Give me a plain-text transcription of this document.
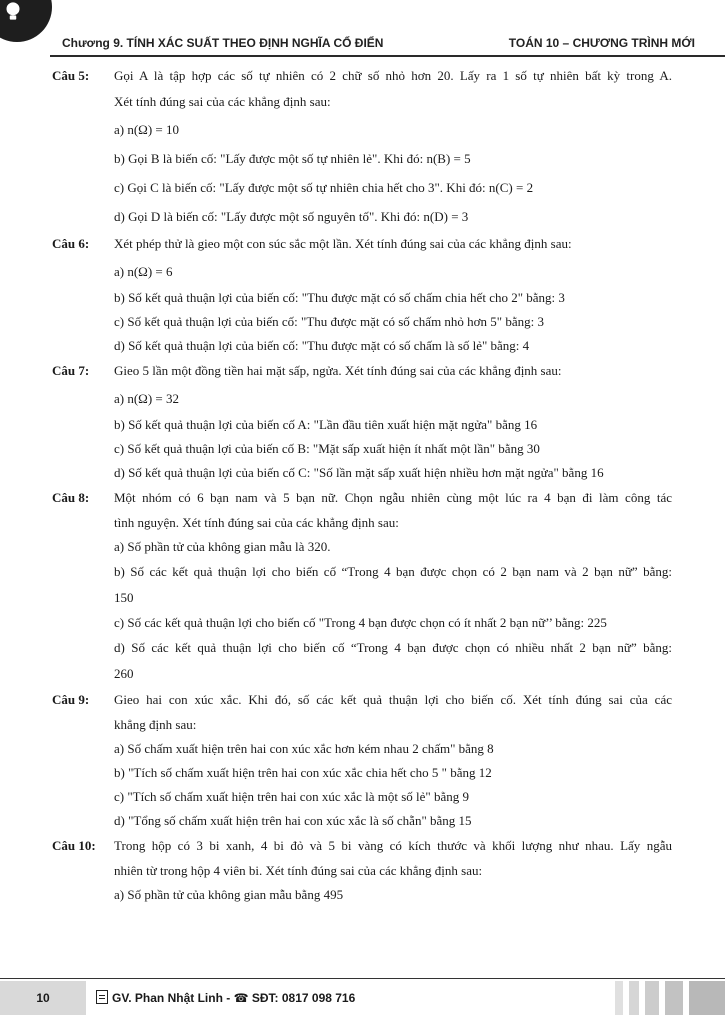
Chương 9. TÍNH XÁC SUẤT THEO ĐỊNH NGHĨA CỔ ĐIỂN	TOÁN 10 – CHƯƠNG TRÌNH MỚI
Câu 5: Gọi A là tập hợp các số tự nhiên có 2 chữ số nhỏ hơn 20. Lấy ra 1 số tự nhiên bất kỳ trong A.
Xét tính đúng sai của các khẳng định sau:
a) n(Ω) = 10
b) Gọi B là biến cố: "Lấy được một số tự nhiên lẻ". Khi đó: n(B) = 5
c) Gọi C là biến cố: "Lấy được một số tự nhiên chia hết cho 3". Khi đó: n(C) = 2
d) Gọi D là biến cố: "Lấy được một số nguyên tố". Khi đó: n(D) = 3
Câu 6: Xét phép thử là gieo một con súc sắc một lần. Xét tính đúng sai của các khẳng định sau:
a) n(Ω) = 6
b) Số kết quả thuận lợi của biến cố: "Thu được mặt có số chấm chia hết cho 2" bằng: 3
c) Số kết quả thuận lợi của biến cố: "Thu được mặt có số chấm nhỏ hơn 5" bằng: 3
d) Số kết quả thuận lợi của biến cố: "Thu được mặt có số chấm là số lẻ" bằng: 4
Câu 7: Gieo 5 lần một đồng tiền hai mặt sấp, ngửa. Xét tính đúng sai của các khẳng định sau:
a) n(Ω) = 32
b) Số kết quả thuận lợi của biến cố A: "Lần đầu tiên xuất hiện mặt ngửa" bằng 16
c) Số kết quả thuận lợi của biến cố B: "Mặt sấp xuất hiện ít nhất một lần" bằng 30
d) Số kết quả thuận lợi của biến cố C: "Số lần mặt sấp xuất hiện nhiều hơn mặt ngửa" bằng 16
Câu 8: Một nhóm có 6 bạn nam và 5 bạn nữ. Chọn ngẫu nhiên cùng một lúc ra 4 bạn đi làm công tác
tình nguyện. Xét tính đúng sai của các khẳng định sau:
a) Số phần tử của không gian mẫu là 320.
b) Số các kết quả thuận lợi cho biến cố “Trong 4 bạn được chọn có 2 bạn nam và 2 bạn nữ” bằng:
150
c) Số các kết quả thuận lợi cho biến cố "Trong 4 bạn được chọn có ít nhất 2 bạn nữ’’ bằng: 225
d) Số các kết quả thuận lợi cho biến cố “Trong 4 bạn được chọn có nhiều nhất 2 bạn nữ” bằng:
260
Câu 9: Gieo hai con xúc xắc. Khi đó, số các kết quả thuận lợi cho biến cố. Xét tính đúng sai của các
khẳng định sau:
a) Số chấm xuất hiện trên hai con xúc xắc hơn kém nhau 2 chấm" bằng 8
b) "Tích số chấm xuất hiện trên hai con xúc xắc chia hết cho 5 " bằng 12
c) "Tích số chấm xuất hiện trên hai con xúc xắc là một số lẻ" bằng 9
d) "Tổng số chấm xuất hiện trên hai con xúc xắc là số chẵn" bằng 15
Câu 10: Trong hộp có 3 bi xanh, 4 bi đỏ và 5 bi vàng có kích thước và khối lượng như nhau. Lấy ngẫu
nhiên từ trong hộp 4 viên bi. Xét tính đúng sai của các khẳng định sau:
a) Số phần tử của không gian mẫu bằng 495
10	GV. Phan Nhật Linh - ☎ SĐT: 0817 098 716
